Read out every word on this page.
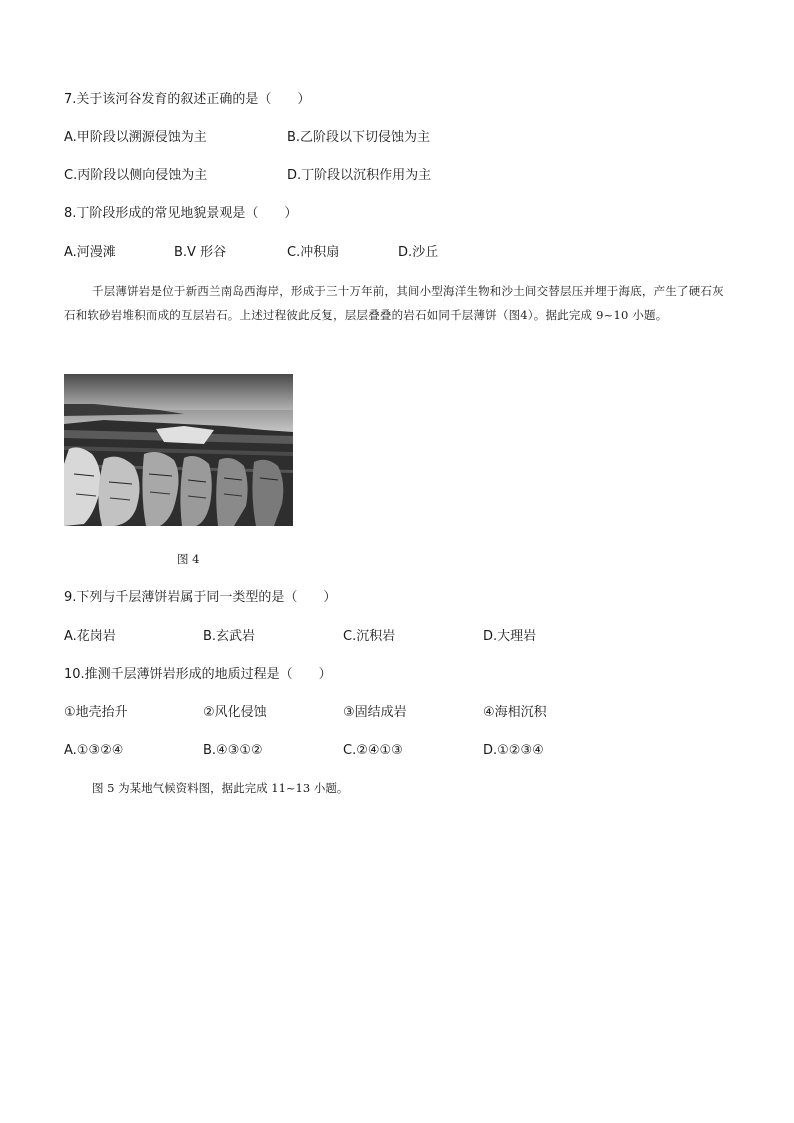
7.关于该河谷发育的叙述正确的是（　　）
A.甲阶段以溯源侵蚀为主	B.乙阶段以下切侵蚀为主
C.丙阶段以侧向侵蚀为主	D.丁阶段以沉积作用为主
8.丁阶段形成的常见地貌景观是（　　）
A.河漫滩	B.V 形谷	C.冲积扇	D.沙丘
千层薄饼岩是位于新西兰南岛西海岸，形成于三十万年前，其间小型海洋生物和沙土间交替层压并埋于海底，产生了硬石灰石和软砂岩堆积而成的互层岩石。上述过程彼此反复，层层叠叠的岩石如同千层薄饼（图4）。据此完成 9~10 小题。
图 4
9.下列与千层薄饼岩属于同一类型的是（　　）
A.花岗岩	B.玄武岩	C.沉积岩	D.大理岩
10.推测千层薄饼岩形成的地质过程是（　　）
①地壳抬升	②风化侵蚀	③固结成岩	④海相沉积
A.①③②④	B.④③①②	C.②④①③	D.①②③④
图 5 为某地气候资料图，据此完成 11~13 小题。
